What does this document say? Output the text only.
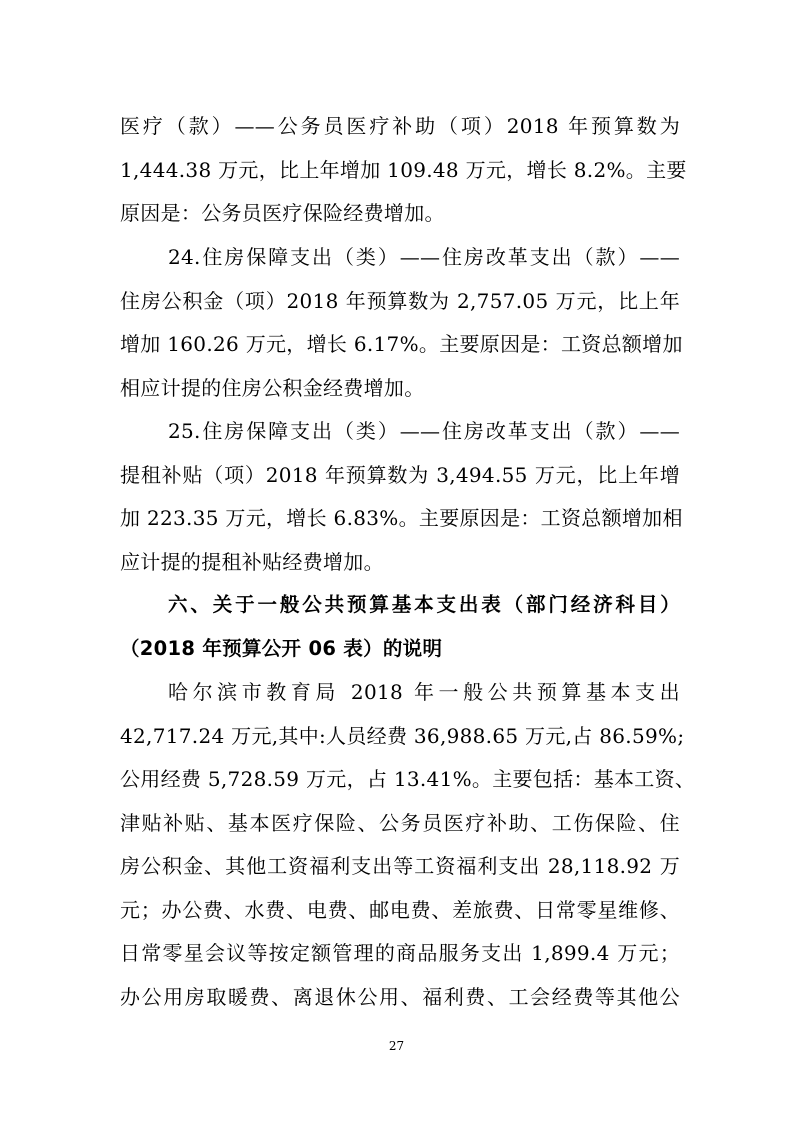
医疗（款）——公务员医疗补助（项）2018 年预算数为
1,444.38 万元，比上年增加 109.48 万元，增长 8.2%。主要
原因是：公务员医疗保险经费增加。
24.住房保障支出（类）——住房改革支出（款）——
住房公积金（项）2018 年预算数为 2,757.05 万元，比上年
增加 160.26 万元，增长 6.17%。主要原因是：工资总额增加
相应计提的住房公积金经费增加。
25.住房保障支出（类）——住房改革支出（款）——
提租补贴（项）2018 年预算数为 3,494.55 万元，比上年增
加 223.35 万元，增长 6.83%。主要原因是：工资总额增加相
应计提的提租补贴经费增加。
六、关于一般公共预算基本支出表（部门经济科目）
（2018 年预算公开 06 表）的说明
哈尔滨市教育局 2018 年一般公共预算基本支出
42,717.24 万元,其中:人员经费 36,988.65 万元,占 86.59%;
公用经费 5,728.59 万元，占 13.41%。主要包括：基本工资、
津贴补贴、基本医疗保险、公务员医疗补助、工伤保险、住
房公积金、其他工资福利支出等工资福利支出 28,118.92 万
元；办公费、水费、电费、邮电费、差旅费、日常零星维修、
日常零星会议等按定额管理的商品服务支出 1,899.4 万元；
办公用房取暖费、离退休公用、福利费、工会经费等其他公
27
